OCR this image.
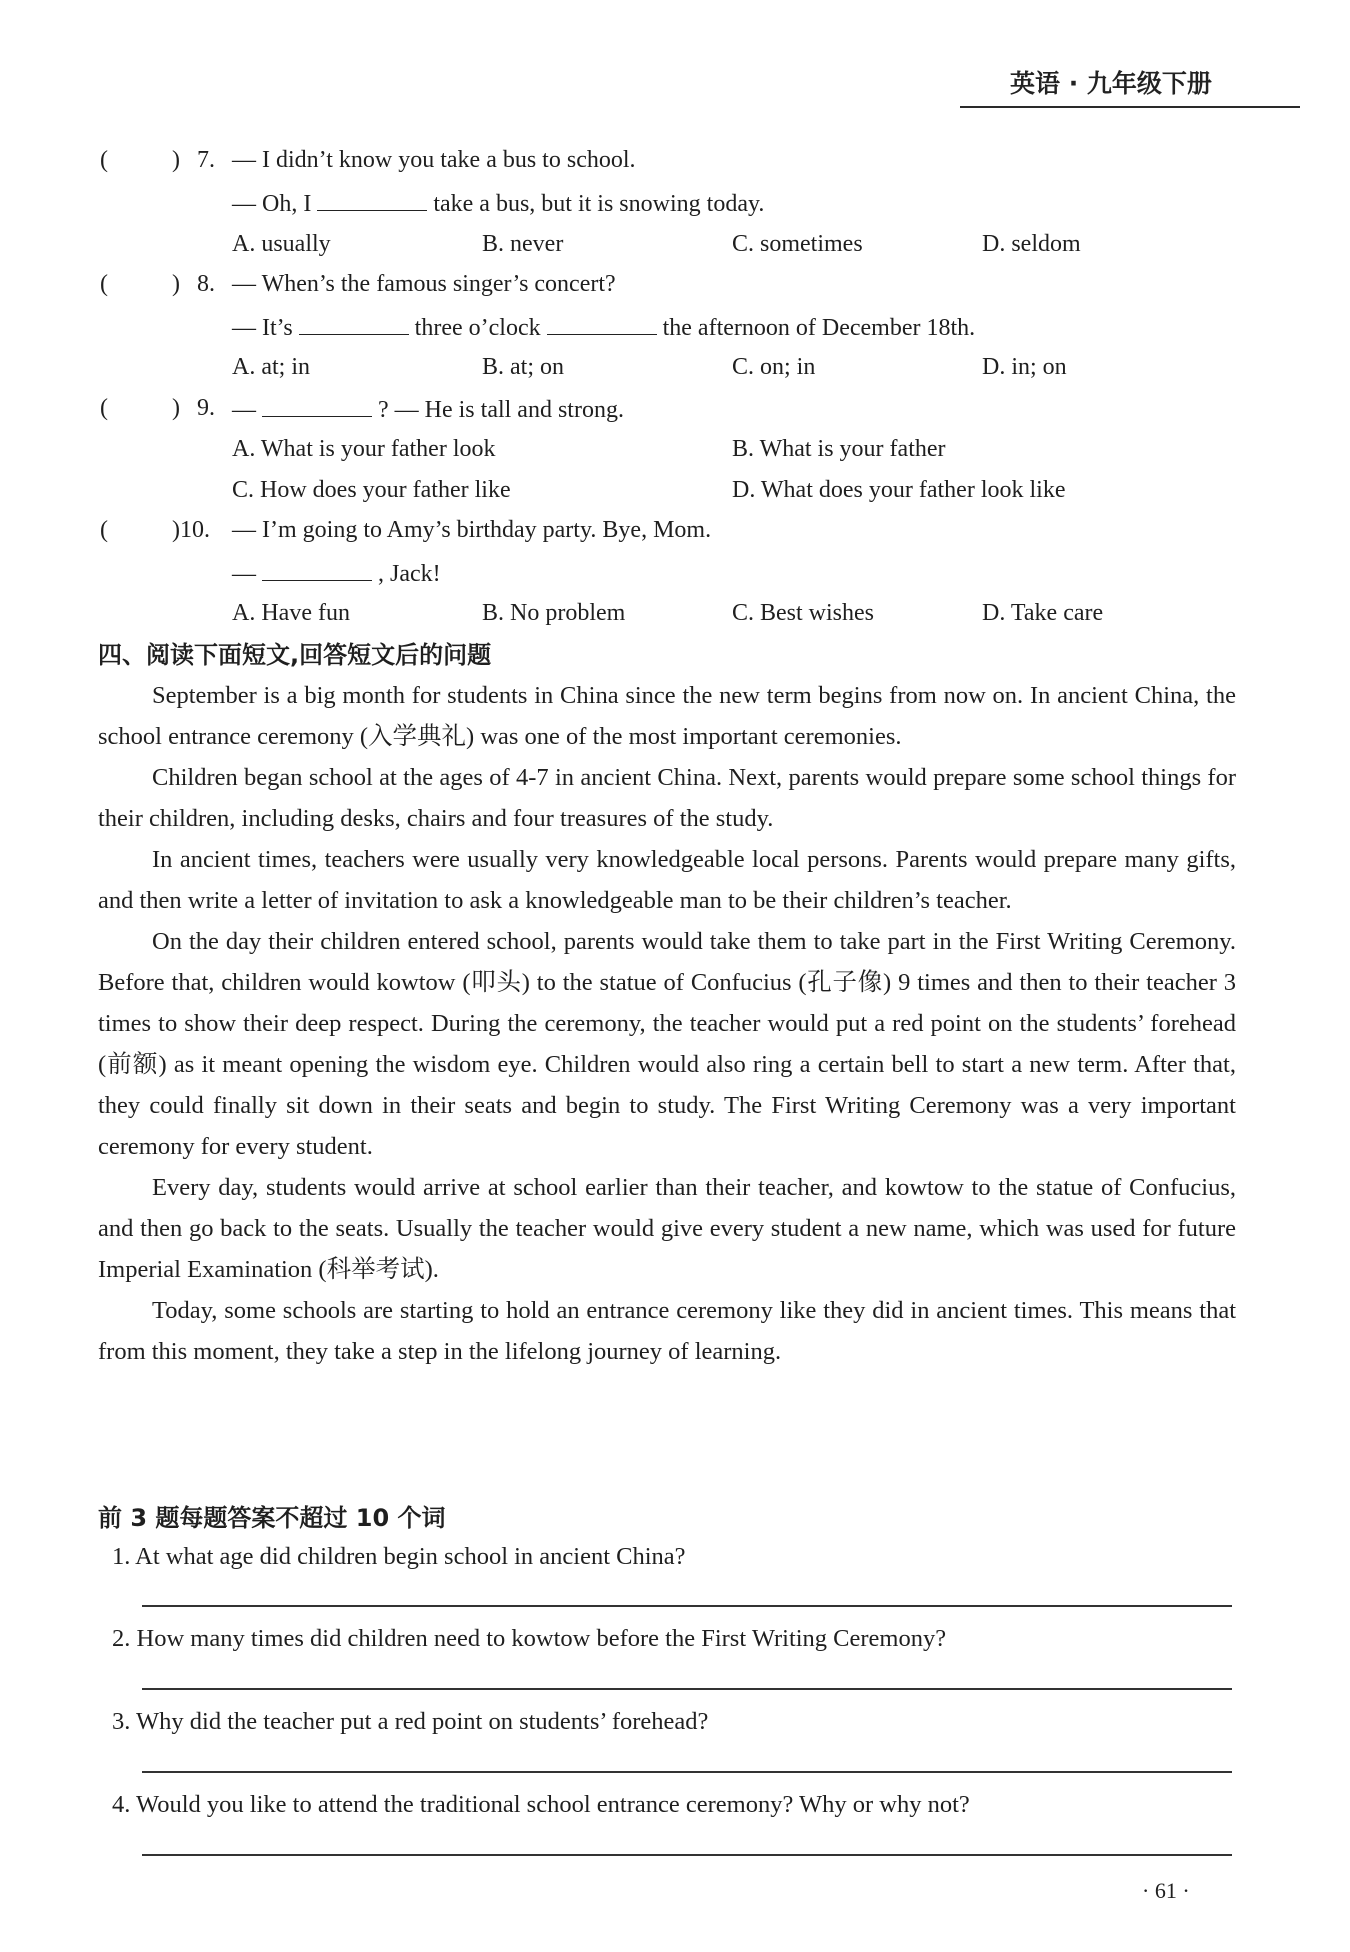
英语 · 九年级下册
(	) 7. — I didn’t know you take a bus to school.
— Oh, I	take a bus, but it is snowing today.
A. usually	B. never	C. sometimes	D. seldom
(	) 8. — When’s the famous singer’s concert?
— It’s	three o’clock	the afternoon of December 18th.
A. at; in	B. at; on	C. on; in	D. in; on
(	) 9. —	? — He is tall and strong.
A. What is your father look	B. What is your father
C. How does your father like	D. What does your father look like
(	)10. — I’m going to Amy’s birthday party. Bye, Mom.
—	, Jack!
A. Have fun	B. No problem	C. Best wishes	D. Take care
四、阅读下面短文,回答短文后的问题

September is a big month for students in China since the new term begins from now on. In ancient China, the school entrance ceremony (入学典礼) was one of the most important ceremonies.

Children began school at the ages of 4-7 in ancient China. Next, parents would prepare some school things for their children, including desks, chairs and four treasures of the study.

In ancient times, teachers were usually very knowledgeable local persons. Parents would prepare many gifts, and then write a letter of invitation to ask a knowledgeable man to be their children’s teacher.

On the day their children entered school, parents would take them to take part in the First Writing Ceremony. Before that, children would kowtow (叩头) to the statue of Confucius (孔子像) 9 times and then to their teacher 3 times to show their deep respect. During the ceremony, the teacher would put a red point on the students’ forehead (前额) as it meant opening the wisdom eye. Children would also ring a certain bell to start a new term. After that, they could finally sit down in their seats and begin to study. The First Writing Ceremony was a very important ceremony for every student.

Every day, students would arrive at school earlier than their teacher, and kowtow to the statue of Confucius, and then go back to the seats. Usually the teacher would give every student a new name, which was used for future Imperial Examination (科举考试).

Today, some schools are starting to hold an entrance ceremony like they did in ancient times. This means that from this moment, they take a step in the lifelong journey of learning.

前 3 题每题答案不超过 10 个词
1. At what age did children begin school in ancient China?
2. How many times did children need to kowtow before the First Writing Ceremony?
3. Why did the teacher put a red point on students’ forehead?
4. Would you like to attend the traditional school entrance ceremony? Why or why not?
· 61 ·
